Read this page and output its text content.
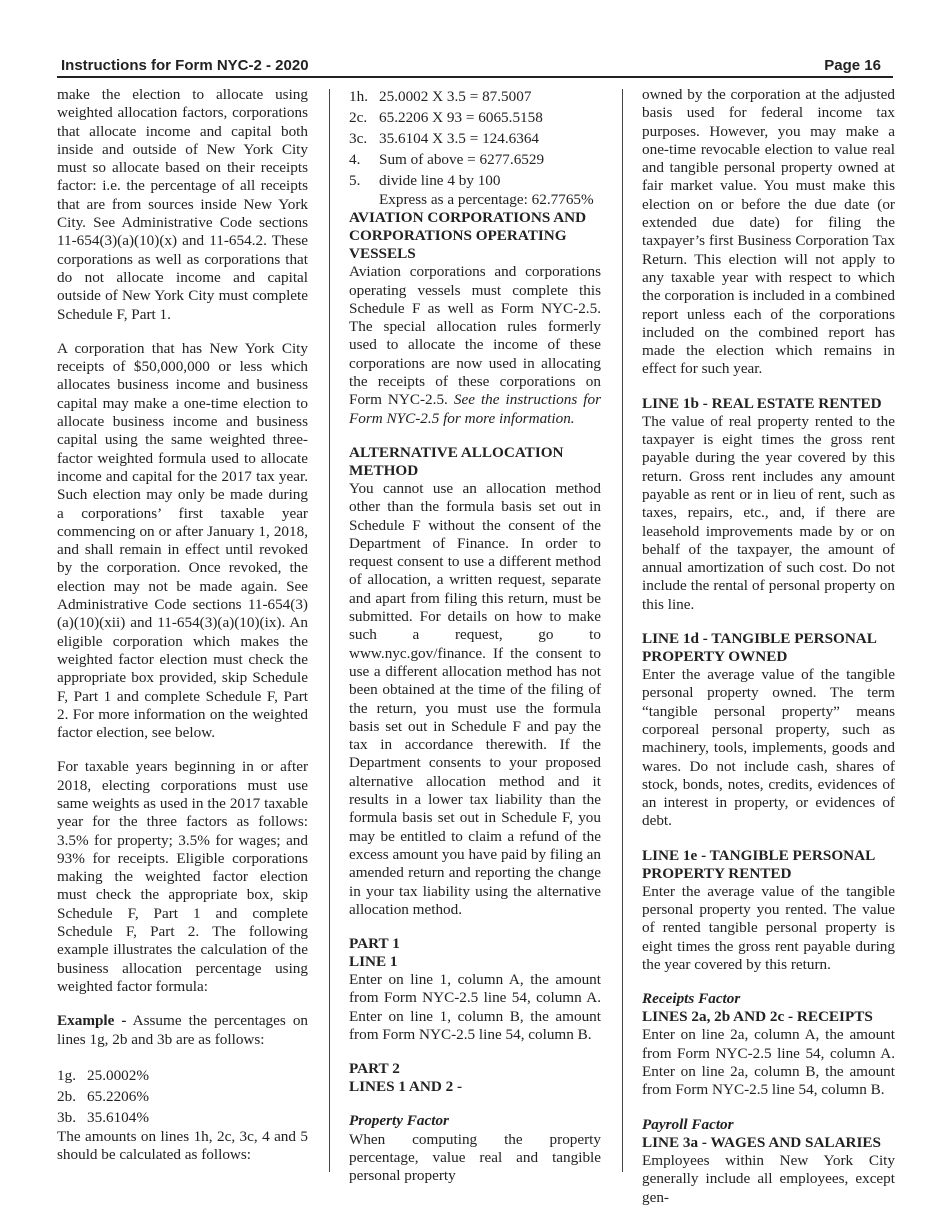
Instructions for Form NYC-2 - 2020	Page 16

make the election to allocate using weighted allocation factors, corporations that allocate income and capital both inside and outside of New York City must so allocate based on their receipts factor: i.e. the percentage of all receipts that are from sources inside New York City. See Administrative Code sections 11-654(3)(a)(10)(x) and 11-654.2. These corporations as well as corporations that do not allocate income and capital outside of New York City must complete Schedule F, Part 1.

A corporation that has New York City receipts of $50,000,000 or less which allocates business income and business capital may make a one-time election to allocate business income and business capital using the same weighted three-factor weighted formula used to allocate income and capital for the 2017 tax year. Such election may only be made during a corporations’ first taxable year commencing on or after January 1, 2018, and shall remain in effect until revoked by the corporation. Once revoked, the election may not be made again. See Administrative Code sections 11-654(3)(a)(10)(xii) and 11-654(3)(a)(10)(ix). An eligible corporation which makes the weighted factor election must check the appropriate box provided, skip Schedule F, Part 1 and complete Schedule F, Part 2. For more information on the weighted factor election, see below.

For taxable years beginning in or after 2018, electing corporations must use same weights as used in the 2017 taxable year for the three factors as follows: 3.5% for property; 3.5% for wages; and 93% for receipts. Eligible corporations making the weighted factor election must check the appropriate box, skip Schedule F, Part 1 and complete Schedule F, Part 2. The following example illustrates the calculation of the business allocation percentage using weighted factor formula:

Example - Assume the percentages on lines 1g, 2b and 3b are as follows:

1g. 25.0002%
2b. 65.2206%
3b. 35.6104%

The amounts on lines 1h, 2c, 3c, 4 and 5 should be calculated as follows:

1h. 25.0002 X 3.5 = 87.5007
2c. 65.2206 X 93 = 6065.5158
3c. 35.6104 X 3.5 = 124.6364
4.	Sum of above = 6277.6529
5.	divide line 4 by 100
Express as a percentage: 62.7765%
AVIATION CORPORATIONS AND CORPORATIONS OPERATING VESSELS

Aviation corporations and corporations operating vessels must complete this Schedule F as well as Form NYC-2.5. The special allocation rules formerly used to allocate the income of these corporations are now used in allocating the receipts of these corporations on Form NYC-2.5. See the instructions for Form NYC-2.5 for more information.

ALTERNATIVE ALLOCATION METHOD

You cannot use an allocation method other than the formula basis set out in Schedule F without the consent of the Department of Finance. In order to request consent to use a different method of allocation, a written request, separate and apart from filing this return, must be submitted. For details on how to make such a request, go to www.nyc.gov/finance. If the consent to use a different allocation method has not been obtained at the time of the filing of the return, you must use the formula basis set out in Schedule F and pay the tax in accordance therewith. If the Department consents to your proposed alternative allocation method and it results in a lower tax liability than the formula basis set out in Schedule F, you may be entitled to claim a refund of the excess amount you have paid by filing an amended return and reporting the change in your tax liability using the alternative allocation method.

PART 1
LINE 1

Enter on line 1, column A, the amount from Form NYC-2.5 line 54, column A. Enter on line 1, column B, the amount from Form NYC-2.5 line 54, column B.

PART 2
LINES 1 AND 2 -

Property Factor

When computing the property percentage, value real and tangible personal property

owned by the corporation at the adjusted basis used for federal income tax purposes. However, you may make a one-time revocable election to value real and tangible personal property owned at fair market value. You must make this election on or before the due date (or extended due date) for filing the taxpayer’s first Business Corporation Tax Return. This election will not apply to any taxable year with respect to which the corporation is included in a combined report unless each of the corporations included on the combined report has made the election which remains in effect for such year.

LINE 1b - REAL ESTATE RENTED

The value of real property rented to the taxpayer is eight times the gross rent payable during the year covered by this return. Gross rent includes any amount payable as rent or in lieu of rent, such as taxes, repairs, etc., and, if there are leasehold improvements made by or on behalf of the taxpayer, the amount of annual amortization of such cost. Do not include the rental of personal property on this line.

LINE 1d - TANGIBLE PERSONAL PROPERTY OWNED

Enter the average value of the tangible personal property owned. The term “tangible personal property” means corporeal personal property, such as machinery, tools, implements, goods and wares. Do not include cash, shares of stock, bonds, notes, credits, evidences of an interest in property, or evidences of debt.

LINE 1e - TANGIBLE PERSONAL PROPERTY RENTED

Enter the average value of the tangible personal property you rented. The value of rented tangible personal property is eight times the gross rent payable during the year covered by this return.

Receipts Factor

LINES 2a, 2b AND 2c - RECEIPTS

Enter on line 2a, column A, the amount from Form NYC-2.5 line 54, column A. Enter on line 2a, column B, the amount from Form NYC-2.5 line 54, column B.

Payroll Factor

LINE 3a - WAGES AND SALARIES

Employees within New York City generally include all employees, except gen-
